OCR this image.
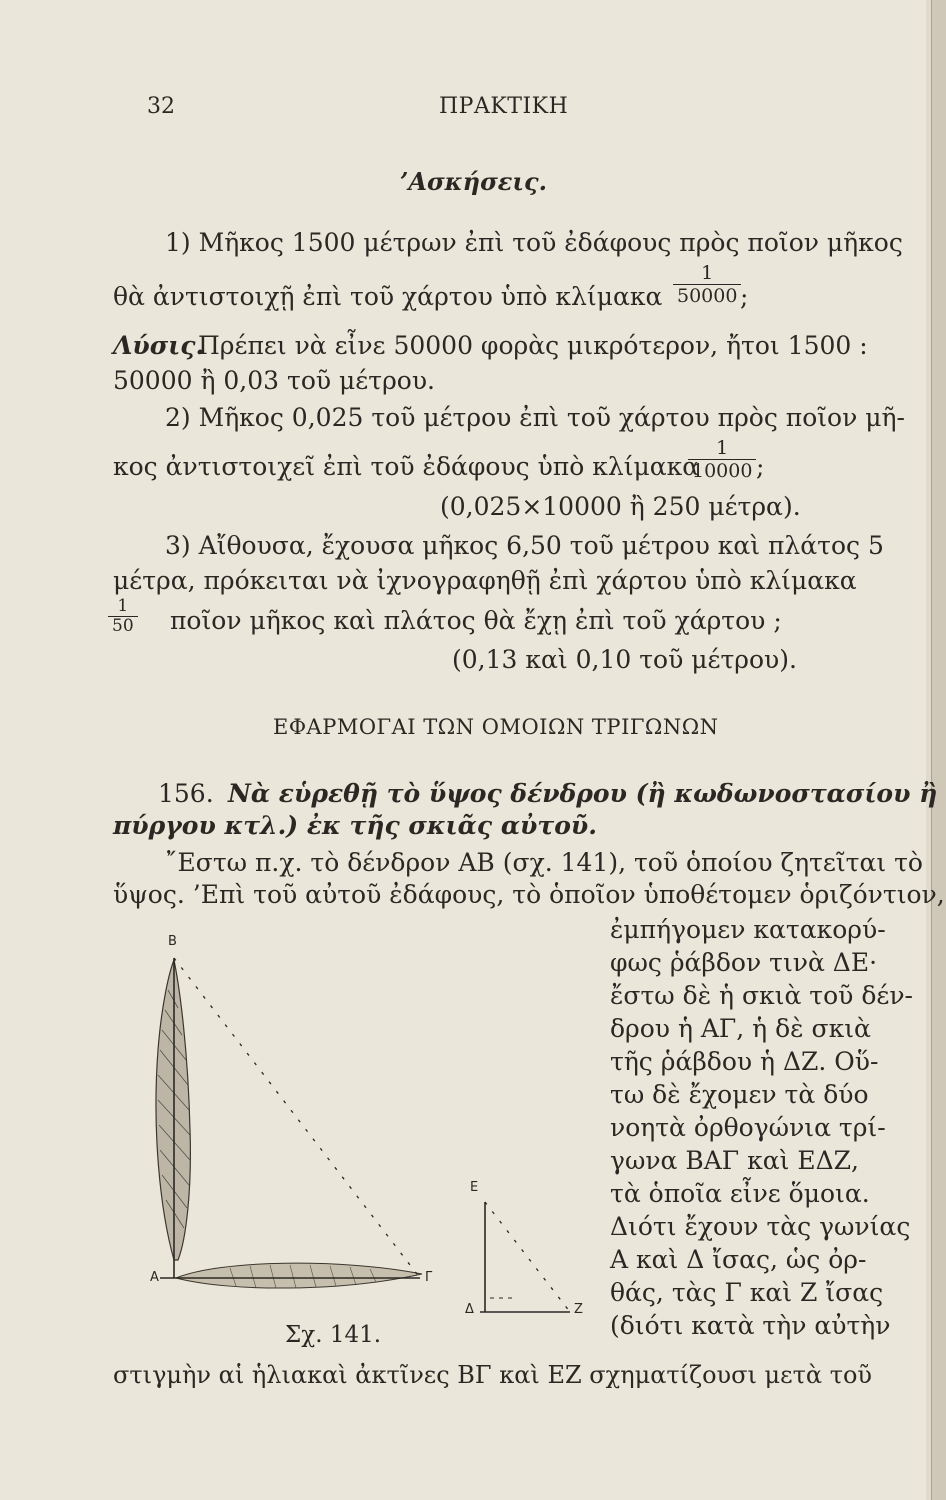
32	ΠΡΑΚΤΙΚΗ
’Ασκήσεις.
1) Μῆκος 1500 μέτρων ἐπὶ τοῦ ἐδάφους πρὸς ποῖον μῆκος
θὰ ἀντιστοιχῇ ἐπὶ τοῦ χάρτου ὑπὸ κλίμακα $\frac{1}{50000}$
;
Λύσις.
Πρέπει νὰ εἶνε 50000 φορὰς μικρότερον, ἤτοι 1500 :
50000 ἢ 0,03 τοῦ μέτρου.
2) Μῆκος 0,025 τοῦ μέτρου ἐπὶ τοῦ χάρτου πρὸς ποῖον μῆ-
κος ἀντιστοιχεῖ ἐπὶ τοῦ ἐδάφους ὑπὸ κλίμακα
$\frac{1}{10000}$ ;
(0,025×10000 ἢ 250 μέτρα).
3) Αἴθουσα, ἔχουσα μῆκος 6,50 τοῦ μέτρου καὶ πλάτος 5
μέτρα, πρόκειται νὰ ἰχνογραφηθῇ ἐπὶ χάρτου ὑπὸ κλίμακα
$\frac{1}{50}$ ποῖον μῆκος καὶ πλάτος θὰ ἔχῃ ἐπὶ τοῦ χάρτου ;
(0,13 καὶ 0,10 τοῦ μέτρου).
ΕΦΑΡΜΟΓΑΙ ΤΩΝ ΟΜΟΙΩΝ ΤΡΙΓΩΝΩΝ
156. Νὰ εὑρεθῇ τὸ ὕψος δένδρου (ἢ κωδωνοστασίου ἢ
πύργου κτλ.) ἐκ τῆς σκιᾶς αὐτοῦ.
῎Εστω π.χ. τὸ δένδρον ΑΒ (σχ. 141), τοῦ ὁποίου ζητεῖται τὸ
ὕψος. ’Επὶ τοῦ αὐτοῦ ἐδάφους, τὸ ὁποῖον ὑποθέτομεν ὁριζόντιον,
ἐμπήγομεν κατακορύ-
φως ῥάβδον τινὰ ΔΕ·
ἔστω δὲ ἡ σκιὰ τοῦ δέν-
δρου ἡ ΑΓ, ἡ δὲ σκιὰ
τῆς ῥάβδου ἡ ΔΖ. Οὕ-
τω δὲ ἔχομεν τὰ δύο
νοητὰ ὀρθογώνια τρί-
γωνα ΒΑΓ καὶ ΕΔΖ,
τὰ ὁποῖα εἶνε ὅμοια.
Διότι ἔχουν τὰς γωνίας
Α καὶ Δ ἴσας, ὡς ὀρ-
θάς, τὰς Γ καὶ Ζ ἴσας
(διότι κατὰ τὴν αὐτὴν
στιγμὴν αἱ ἡλιακαὶ ἀκτῖνες ΒΓ καὶ ΕΖ σχηματίζουσι μετὰ τοῦ
Β
Α	Γ
Ε
Δ	Ζ
Σχ. 141.
